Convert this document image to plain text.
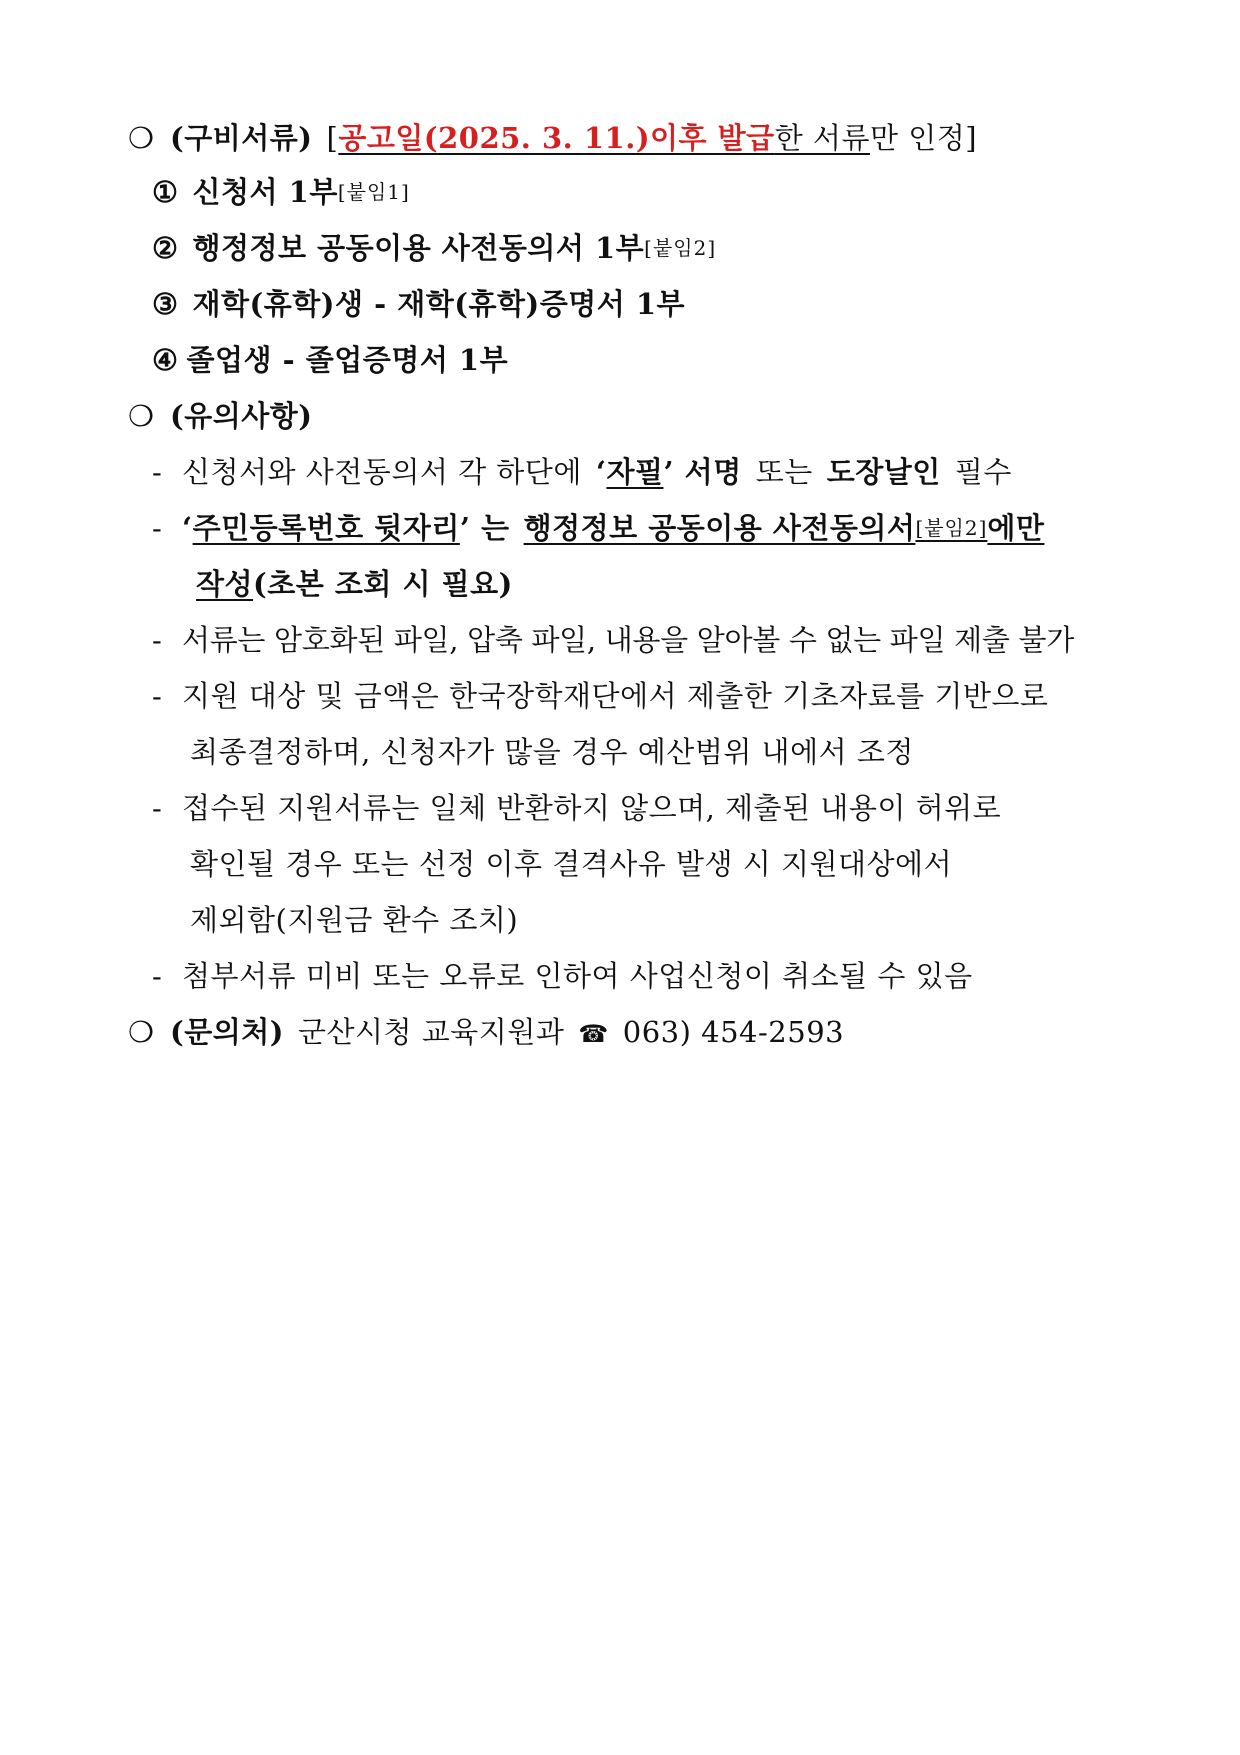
❍ (구비서류) [공고일(2025. 3. 11.)이후 발급한 서류만 인정]
① 신청서 1부[붙임1]
② 행정정보 공동이용 사전동의서 1부[붙임2]
③ 재학(휴학)생 - 재학(휴학)증명서 1부
④ 졸업생 - 졸업증명서 1부
❍ (유의사항)
- 신청서와 사전동의서 각 하단에 ‘자필’ 서명 또는 도장날인 필수
- ‘주민등록번호 뒷자리’ 는 행정정보 공동이용 사전동의서[붙임2]에만
작성(초본 조회 시 필요)
- 서류는 암호화된 파일, 압축 파일, 내용을 알아볼 수 없는 파일 제출 불가
- 지원 대상 및 금액은 한국장학재단에서 제출한 기초자료를 기반으로
최종결정하며, 신청자가 많을 경우 예산범위 내에서 조정
- 접수된 지원서류는 일체 반환하지 않으며, 제출된 내용이 허위로
확인될 경우 또는 선정 이후 결격사유 발생 시 지원대상에서
제외함(지원금 환수 조치)
- 첨부서류 미비 또는 오류로 인하여 사업신청이 취소될 수 있음
❍ (문의처) 군산시청 교육지원과 ☎ 063) 454-2593
